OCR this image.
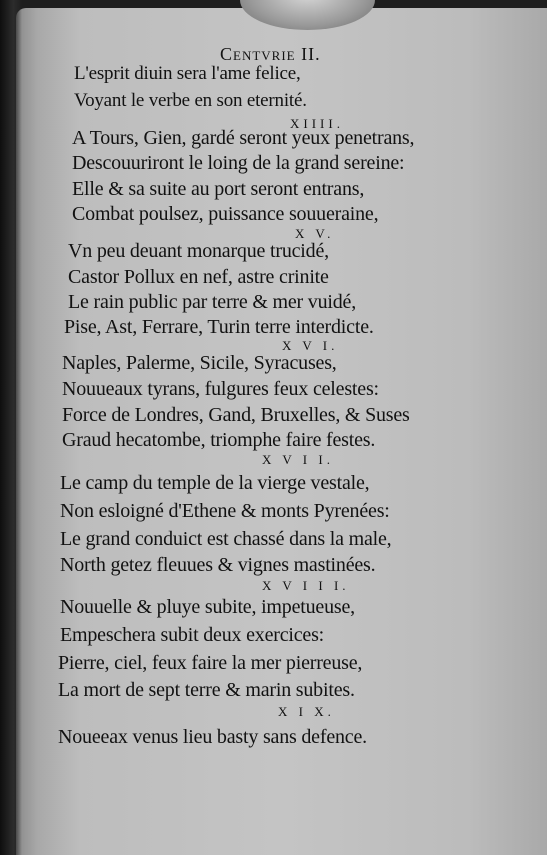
Centvrie II.
L'esprit diuin sera l'ame felice,
Voyant le verbe en son eternité.
XIIII.
A Tours, Gien, gardé seront yeux penetrans,
Descouuriront le loing de la grand sereine:
Elle & sa suite au port seront entrans,
Combat poulsez, puissance souueraine,
X V.
Vn peu deuant monarque trucidé,
Castor Pollux en nef, astre crinite
Le rain public par terre & mer vuidé,
Pise, Ast, Ferrare, Turin terre interdicte.
X V I.
Naples, Palerme, Sicile, Syracuses,
Nouueaux tyrans, fulgures feux celestes:
Force de Londres, Gand, Bruxelles, & Suses
Graud hecatombe, triomphe faire festes.
X V I I.
Le camp du temple de la vierge vestale,
Non esloigné d'Ethene & monts Pyrenées:
Le grand conduict est chassé dans la male,
North getez fleuues & vignes mastinées.
X V I I I.
Nouuelle & pluye subite, impetueuse,
Empeschera subit deux exercices:
Pierre, ciel, feux faire la mer pierreuse,
La mort de sept terre & marin subites.
X I X.
Noueeax venus lieu basty sans defence.
